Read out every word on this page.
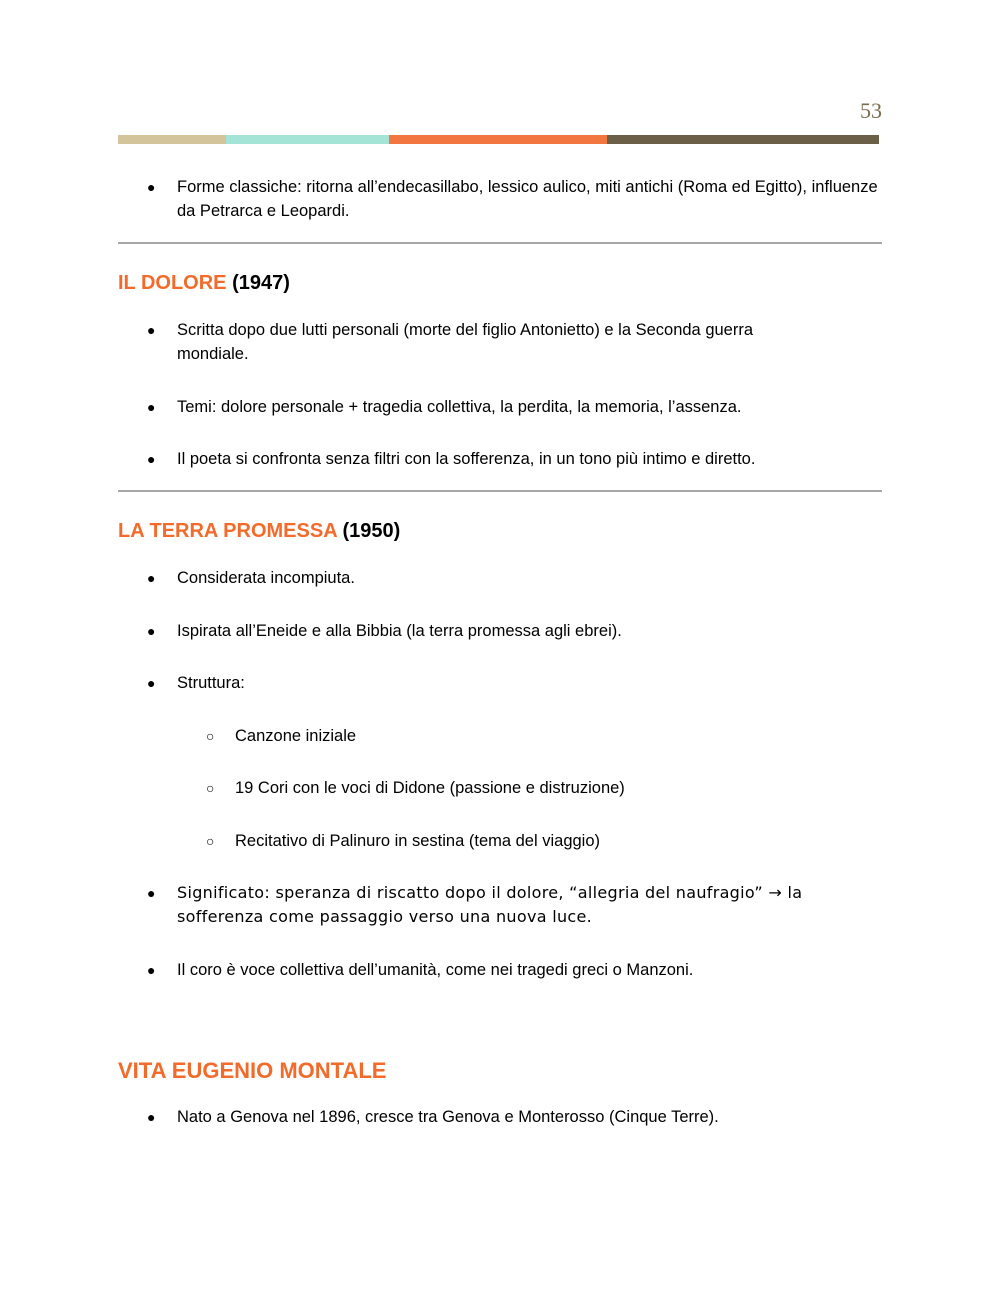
53
● Forme classiche: ritorna all’endecasillabo, lessico aulico, miti antichi (Roma ed Egitto), influenze da Petrarca e Leopardi.
IL DOLORE (1947)
● Scritta dopo due lutti personali (morte del figlio Antonietto) e la Seconda guerra mondiale.
● Temi: dolore personale + tragedia collettiva, la perdita, la memoria, l’assenza.
● Il poeta si confronta senza filtri con la sofferenza, in un tono più intimo e diretto.
LA TERRA PROMESSA (1950)
● Considerata incompiuta.
● Ispirata all’Eneide e alla Bibbia (la terra promessa agli ebrei).
● Struttura:
○ Canzone iniziale
○ 19 Cori con le voci di Didone (passione e distruzione)
○ Recitativo di Palinuro in sestina (tema del viaggio)
● Significato: speranza di riscatto dopo il dolore, “allegria del naufragio” → la sofferenza come passaggio verso una nuova luce.
● Il coro è voce collettiva dell’umanità, come nei tragedi greci o Manzoni.
VITA EUGENIO MONTALE
● Nato a Genova nel 1896, cresce tra Genova e Monterosso (Cinque Terre).
